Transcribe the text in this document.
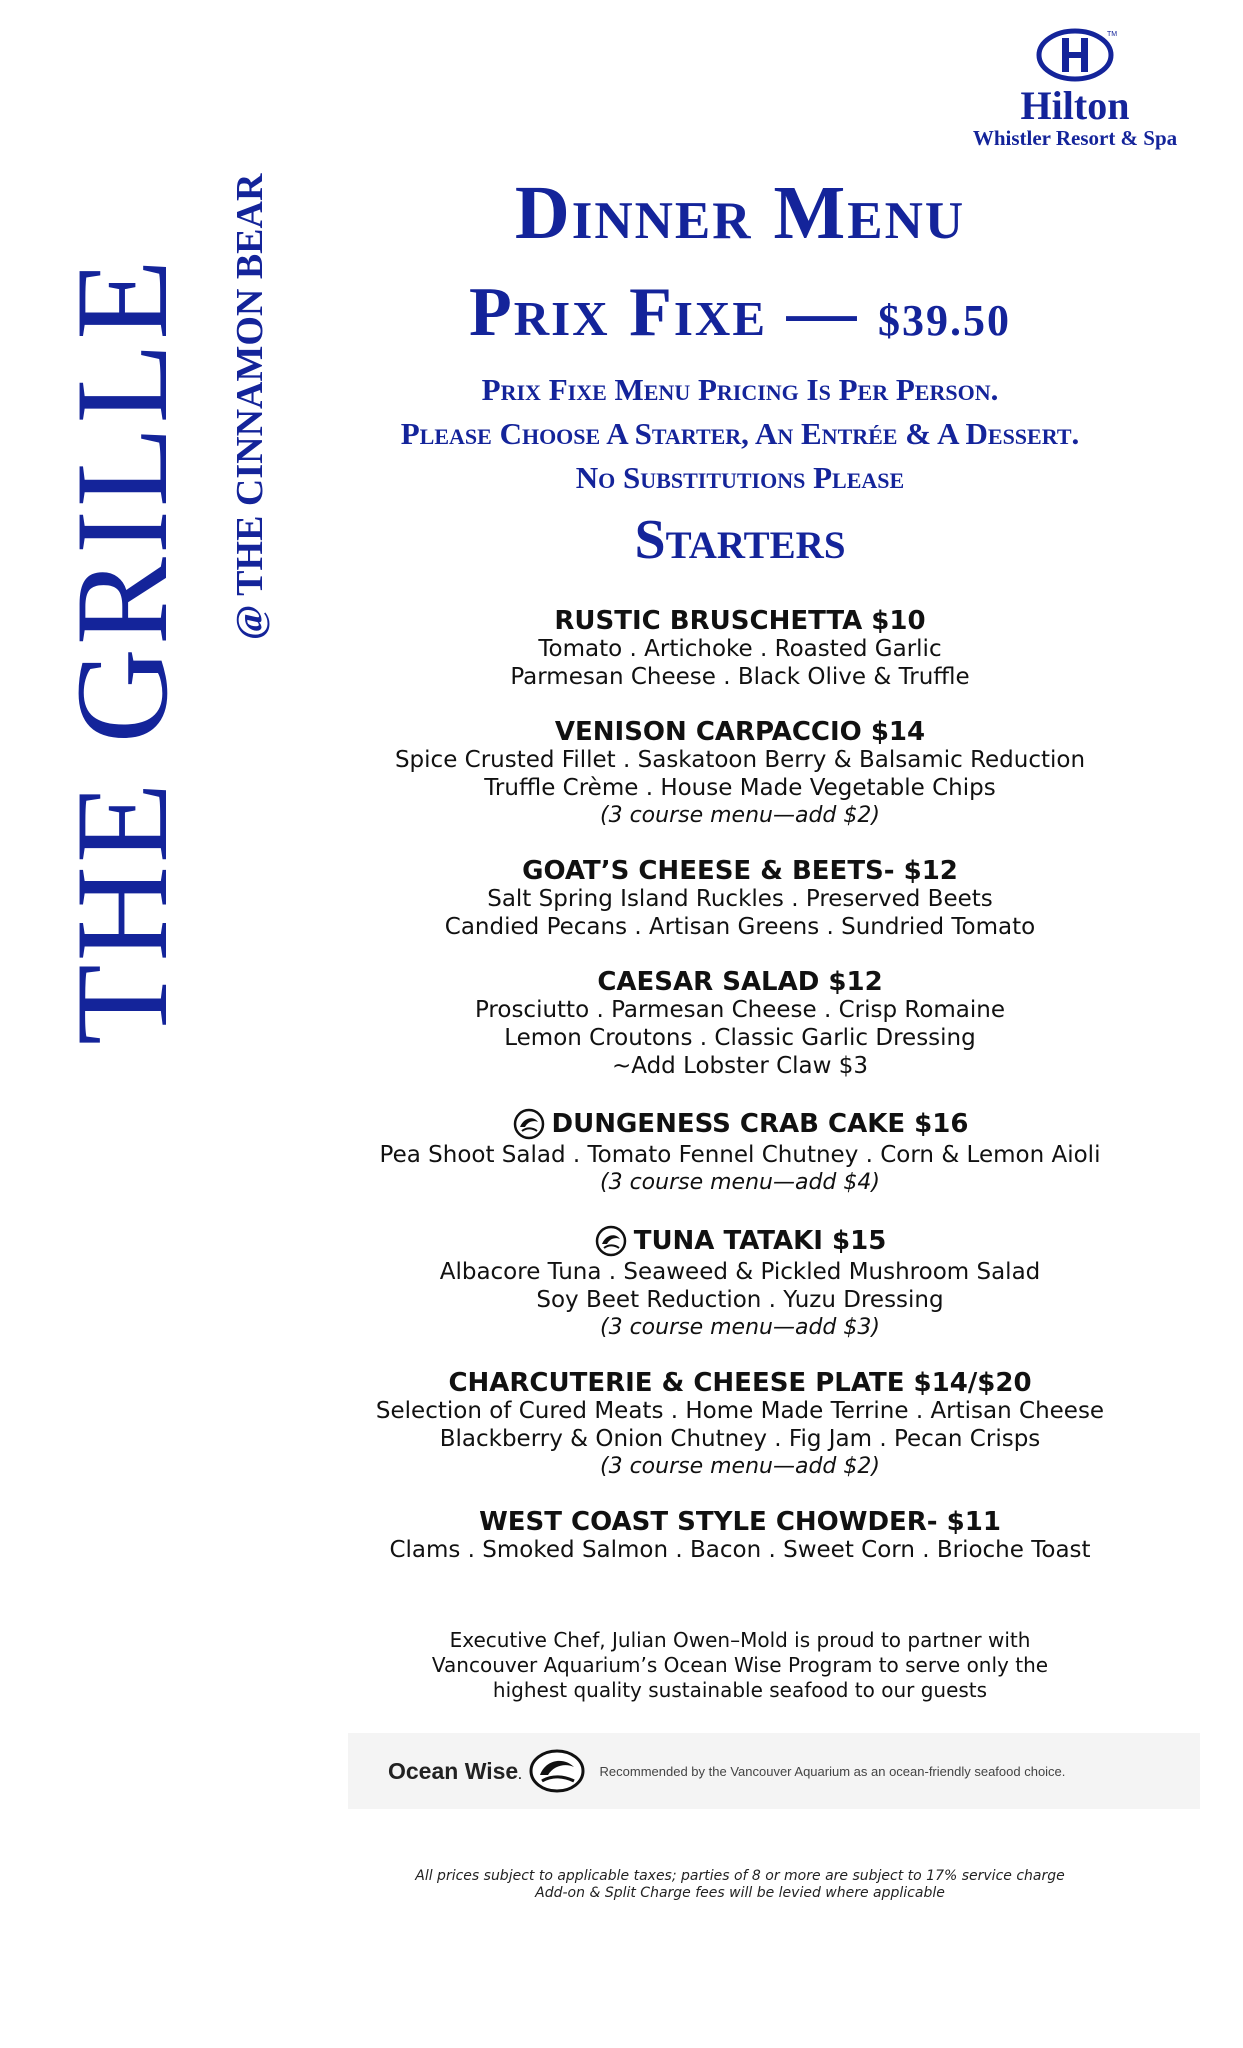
THE GRILLE @ THE CINNAMON BEAR
TM
Hilton
Whistler Resort & Spa
Dinner Menu
Prix Fixe — $39.50
Prix Fixe Menu Pricing Is Per Person.
Please Choose A Starter, An Entrée & A Dessert.
No Substitutions Please
Starters
RUSTIC BRUSCHETTA $10
Tomato . Artichoke . Roasted Garlic
Parmesan Cheese . Black Olive & Truffle
VENISON CARPACCIO $14
Spice Crusted Fillet . Saskatoon Berry & Balsamic Reduction
Truffle Crème . House Made Vegetable Chips
(3 course menu—add $2)
GOAT’S CHEESE & BEETS- $12
Salt Spring Island Ruckles . Preserved Beets
Candied Pecans . Artisan Greens . Sundried Tomato
CAESAR SALAD $12
Prosciutto . Parmesan Cheese . Crisp Romaine
Lemon Croutons . Classic Garlic Dressing
~Add Lobster Claw $3
DUNGENESS CRAB CAKE $16
Pea Shoot Salad . Tomato Fennel Chutney . Corn & Lemon Aioli
(3 course menu—add $4)
TUNA TATAKI $15
Albacore Tuna . Seaweed & Pickled Mushroom Salad
Soy Beet Reduction . Yuzu Dressing
(3 course menu—add $3)
CHARCUTERIE & CHEESE PLATE $14/$20
Selection of Cured Meats . Home Made Terrine . Artisan Cheese
Blackberry & Onion Chutney . Fig Jam . Pecan Crisps
(3 course menu—add $2)
WEST COAST STYLE CHOWDER- $11
Clams . Smoked Salmon . Bacon . Sweet Corn . Brioche Toast
Executive Chef, Julian Owen–Mold is proud to partner with
Vancouver Aquarium’s Ocean Wise Program to serve only the
highest quality sustainable seafood to our guests
Ocean Wise.	Recommended by the Vancouver Aquarium as an ocean-friendly seafood choice.
All prices subject to applicable taxes; parties of 8 or more are subject to 17% service charge
Add-on & Split Charge fees will be levied where applicable
